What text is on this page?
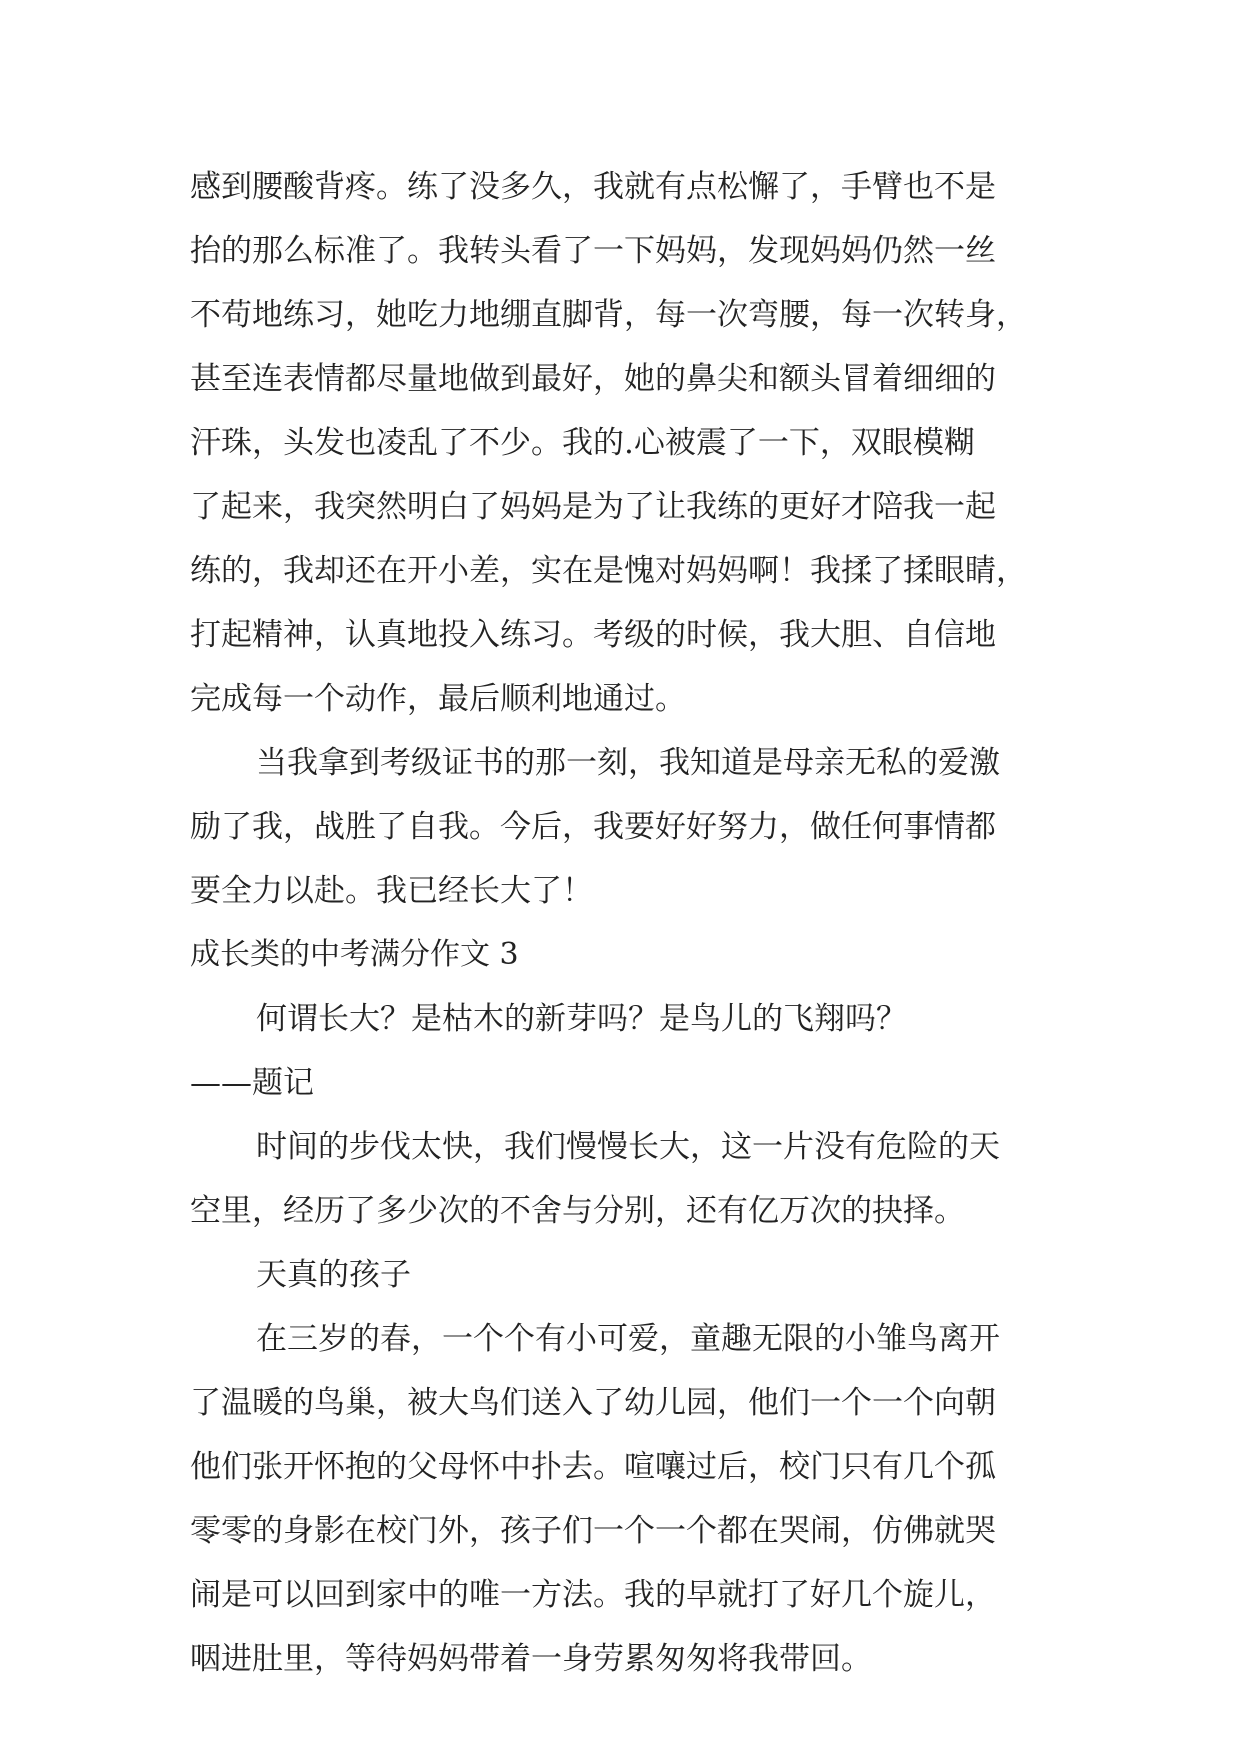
感到腰酸背疼。练了没多久，我就有点松懈了，手臂也不是
抬的那么标准了。我转头看了一下妈妈，发现妈妈仍然一丝
不苟地练习，她吃力地绷直脚背，每一次弯腰，每一次转身，
甚至连表情都尽量地做到最好，她的鼻尖和额头冒着细细的
汗珠，头发也凌乱了不少。我的.心被震了一下，双眼模糊
了起来，我突然明白了妈妈是为了让我练的更好才陪我一起
练的，我却还在开小差，实在是愧对妈妈啊！我揉了揉眼睛，
打起精神，认真地投入练习。考级的时候，我大胆、自信地
完成每一个动作，最后顺利地通过。
当我拿到考级证书的那一刻，我知道是母亲无私的爱激
励了我，战胜了自我。今后，我要好好努力，做任何事情都
要全力以赴。我已经长大了！
成长类的中考满分作文 3
何谓长大？是枯木的新芽吗？是鸟儿的飞翔吗？
——题记
时间的步伐太快，我们慢慢长大，这一片没有危险的天
空里，经历了多少次的不舍与分别，还有亿万次的抉择。
天真的孩子
在三岁的春，一个个有小可爱，童趣无限的小雏鸟离开
了温暖的鸟巢，被大鸟们送入了幼儿园，他们一个一个向朝
他们张开怀抱的父母怀中扑去。喧嚷过后，校门只有几个孤
零零的身影在校门外，孩子们一个一个都在哭闹，仿佛就哭
闹是可以回到家中的唯一方法。我的早就打了好几个旋儿，
咽进肚里，等待妈妈带着一身劳累匆匆将我带回。
